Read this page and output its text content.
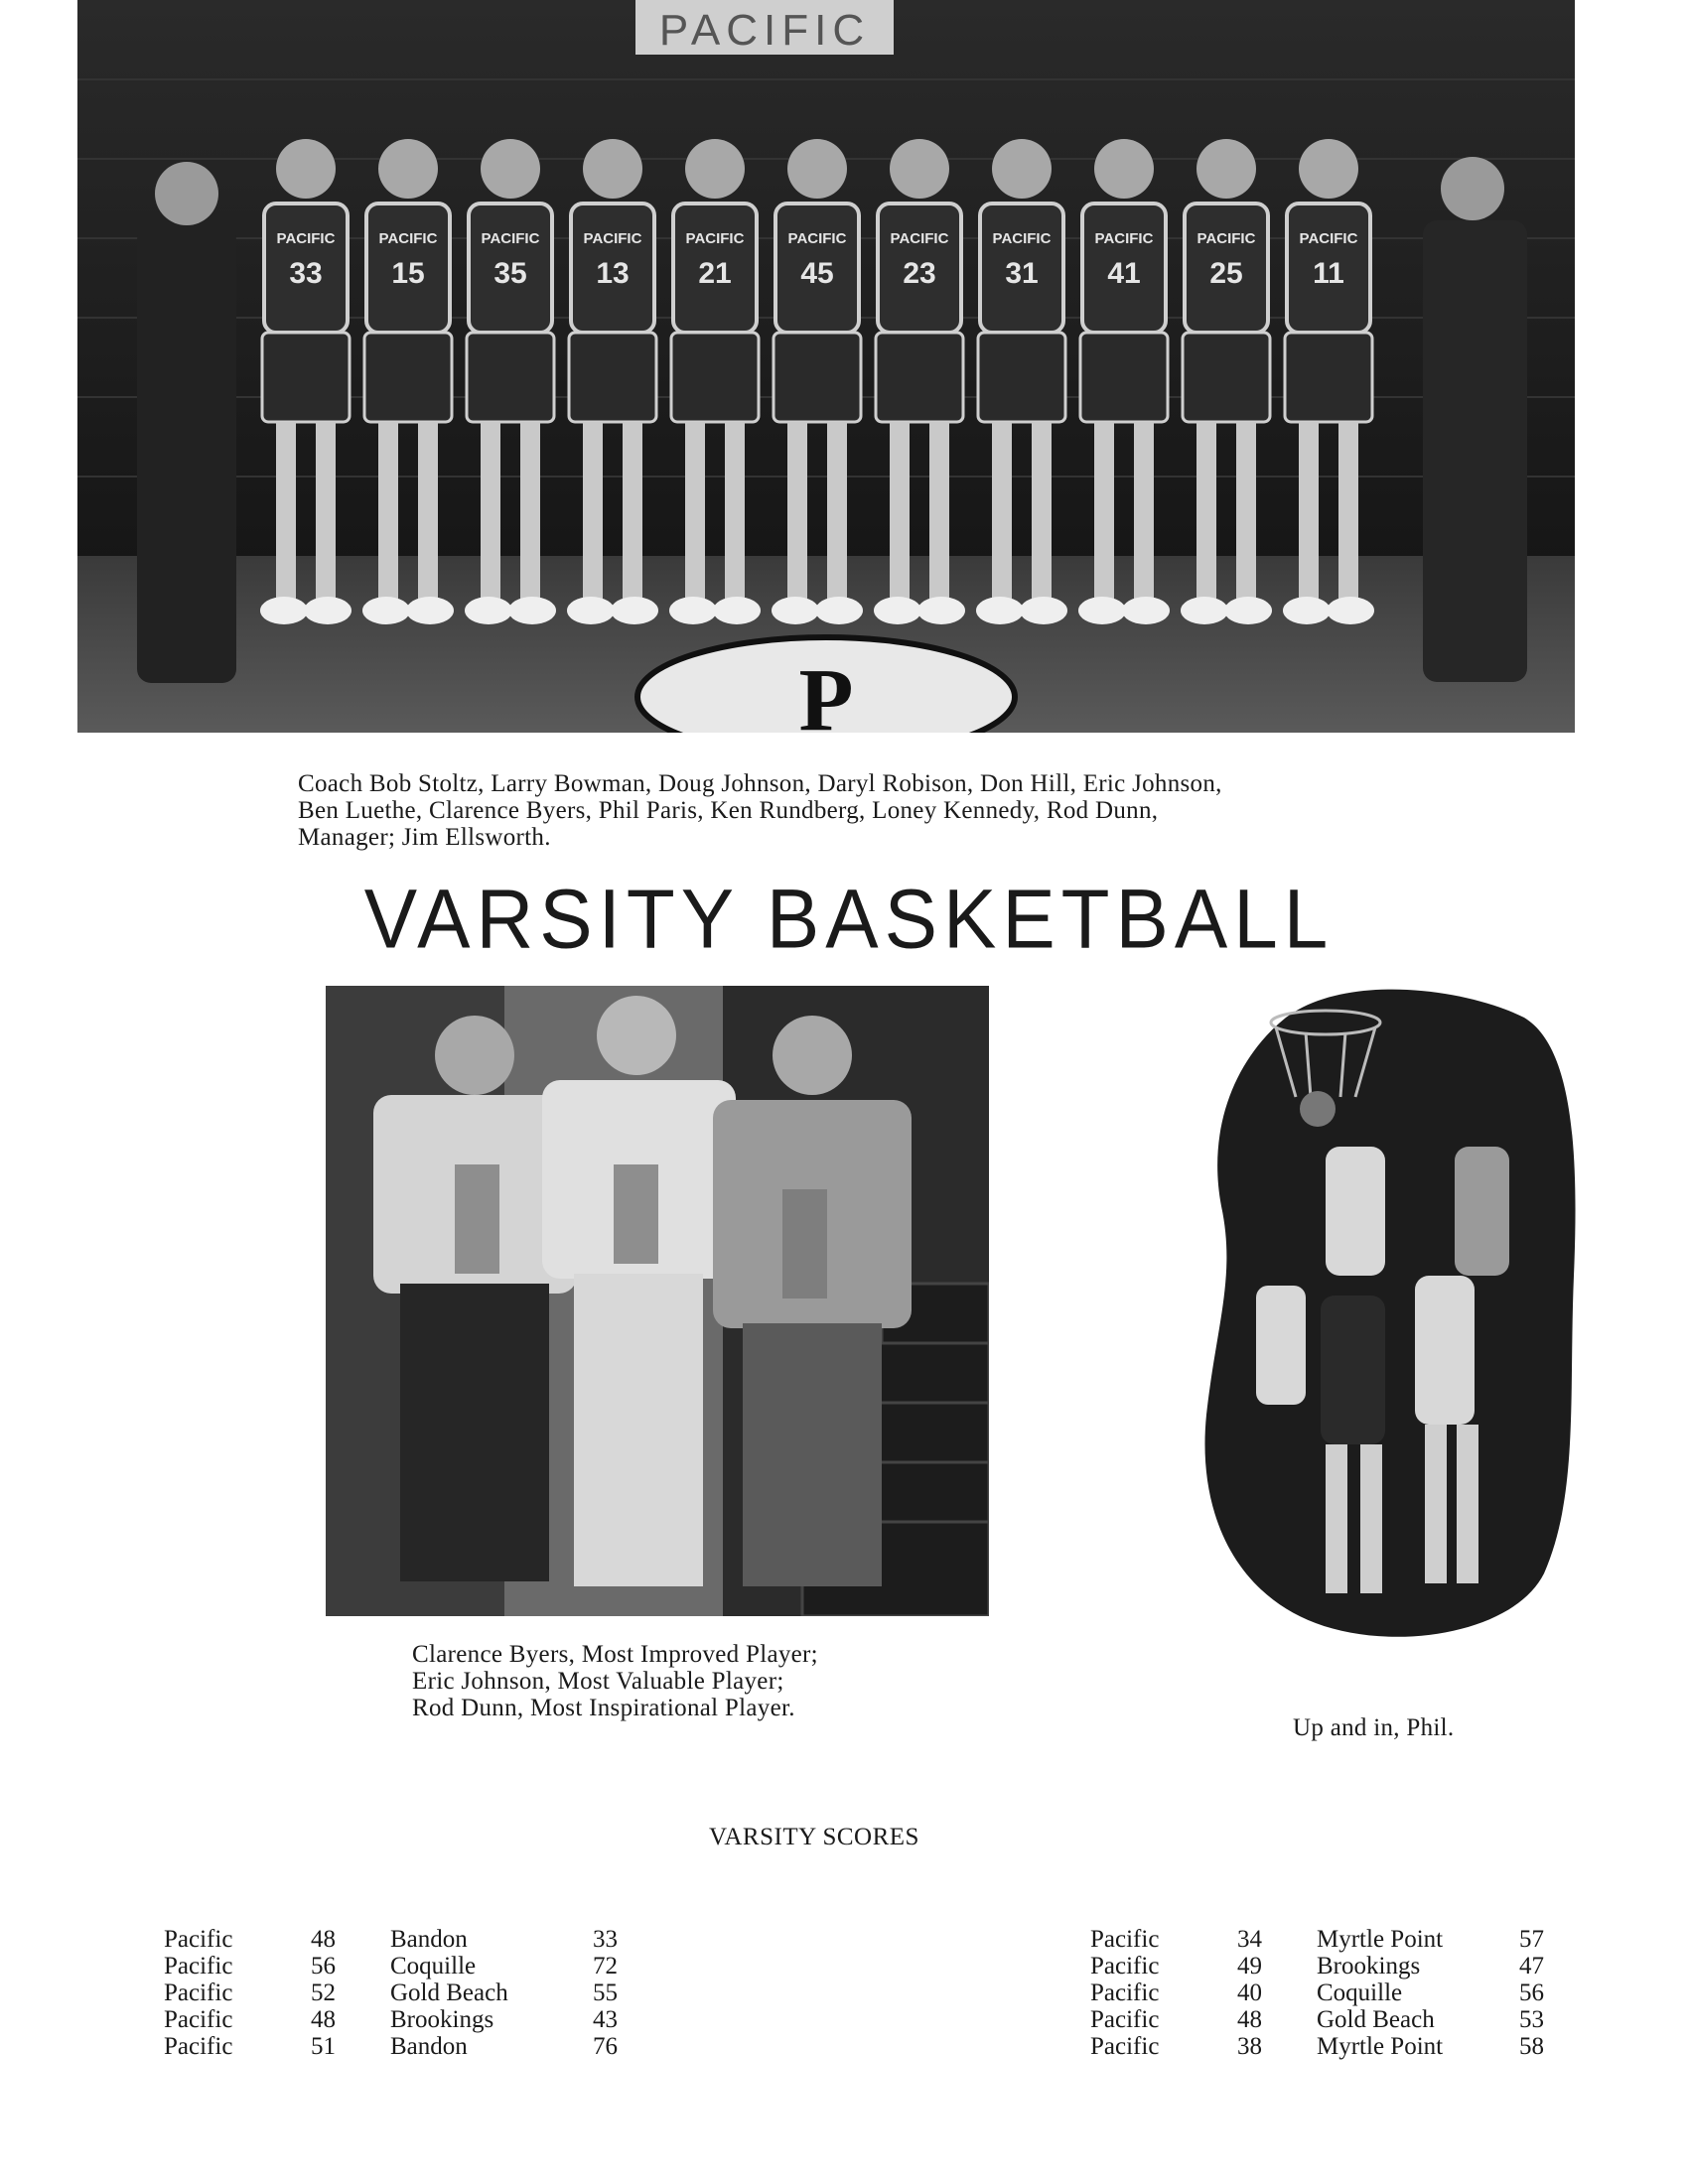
PACIFIC
P
PACIFIC
33
PACIFIC
15
PACIFIC
35
PACIFIC
13
PACIFIC
21
PACIFIC
45
PACIFIC
23
PACIFIC
31
PACIFIC
41
PACIFIC
25
PACIFIC
11
Coach Bob Stoltz, Larry Bowman, Doug Johnson, Daryl Robison, Don Hill, Eric Johnson,
Ben Luethe, Clarence Byers, Phil Paris, Ken Rundberg, Loney Kennedy, Rod Dunn,
Manager; Jim Ellsworth.
VARSITY BASKETBALL
Clarence Byers, Most Improved Player;
Eric Johnson, Most Valuable Player;
Rod Dunn, Most Inspirational Player.
Up and in, Phil.
VARSITY SCORES
Pacific	48 Bandon	33
Pacific	56 Coquille	72
Pacific	52 Gold Beach	55
Pacific	48 Brookings	43
Pacific	51 Bandon	76
Pacific	34 Myrtle Point	57
Pacific	49 Brookings	47
Pacific	40 Coquille	56
Pacific	48 Gold Beach	53
Pacific	38 Myrtle Point	58
